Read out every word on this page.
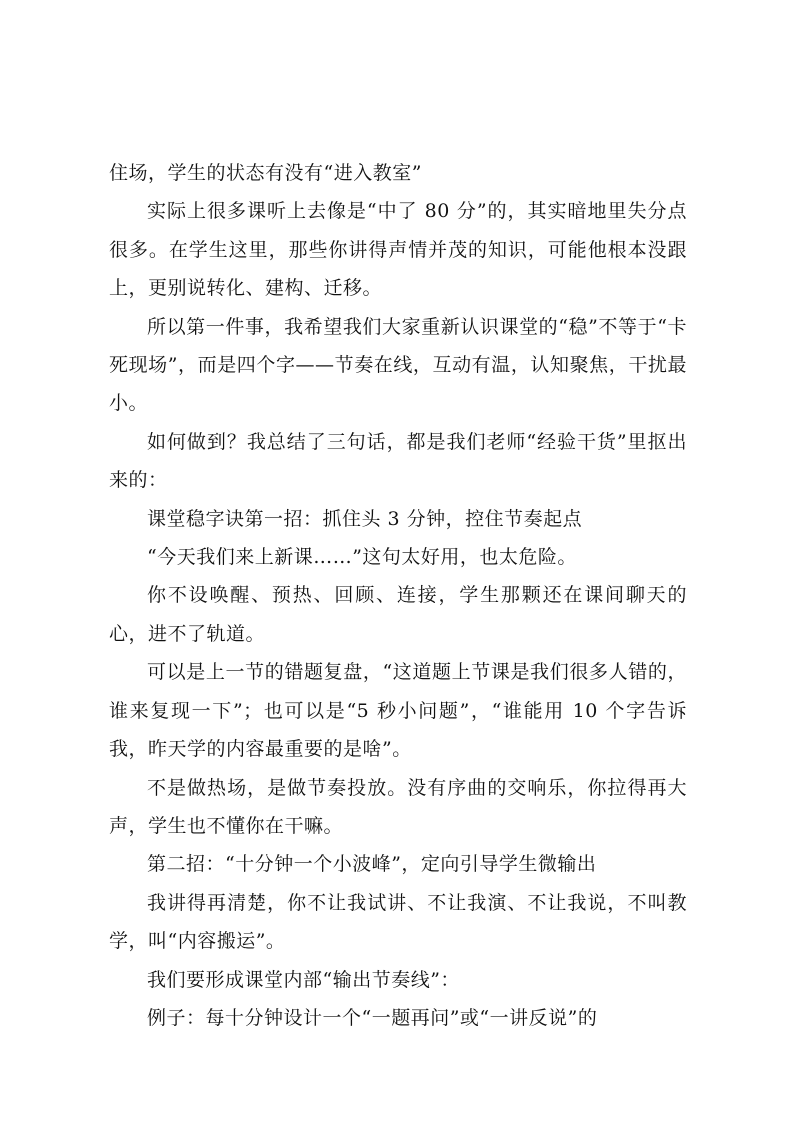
住场，学生的状态有没有“进入教室”

实际上很多课听上去像是“中了 80 分”的，其实暗地里失分点很多。在学生这里，那些你讲得声情并茂的知识，可能他根本没跟上，更别说转化、建构、迁移。

所以第一件事，我希望我们大家重新认识课堂的“稳”不等于“卡死现场”，而是四个字——节奏在线，互动有温，认知聚焦，干扰最小。

如何做到？我总结了三句话，都是我们老师“经验干货”里抠出来的：

课堂稳字诀第一招：抓住头 3 分钟，控住节奏起点

“今天我们来上新课……”这句太好用，也太危险。

你不设唤醒、预热、回顾、连接，学生那颗还在课间聊天的心，进不了轨道。

可以是上一节的错题复盘，“这道题上节课是我们很多人错的，谁来复现一下”；也可以是“5 秒小问题”，“谁能用 10 个字告诉我，昨天学的内容最重要的是啥”。

不是做热场，是做节奏投放。没有序曲的交响乐，你拉得再大声，学生也不懂你在干嘛。

第二招：“十分钟一个小波峰”，定向引导学生微输出

我讲得再清楚，你不让我试讲、不让我演、不让我说，不叫教学，叫“内容搬运”。

我们要形成课堂内部“输出节奏线”：

例子：每十分钟设计一个“一题再问”或“一讲反说”的
